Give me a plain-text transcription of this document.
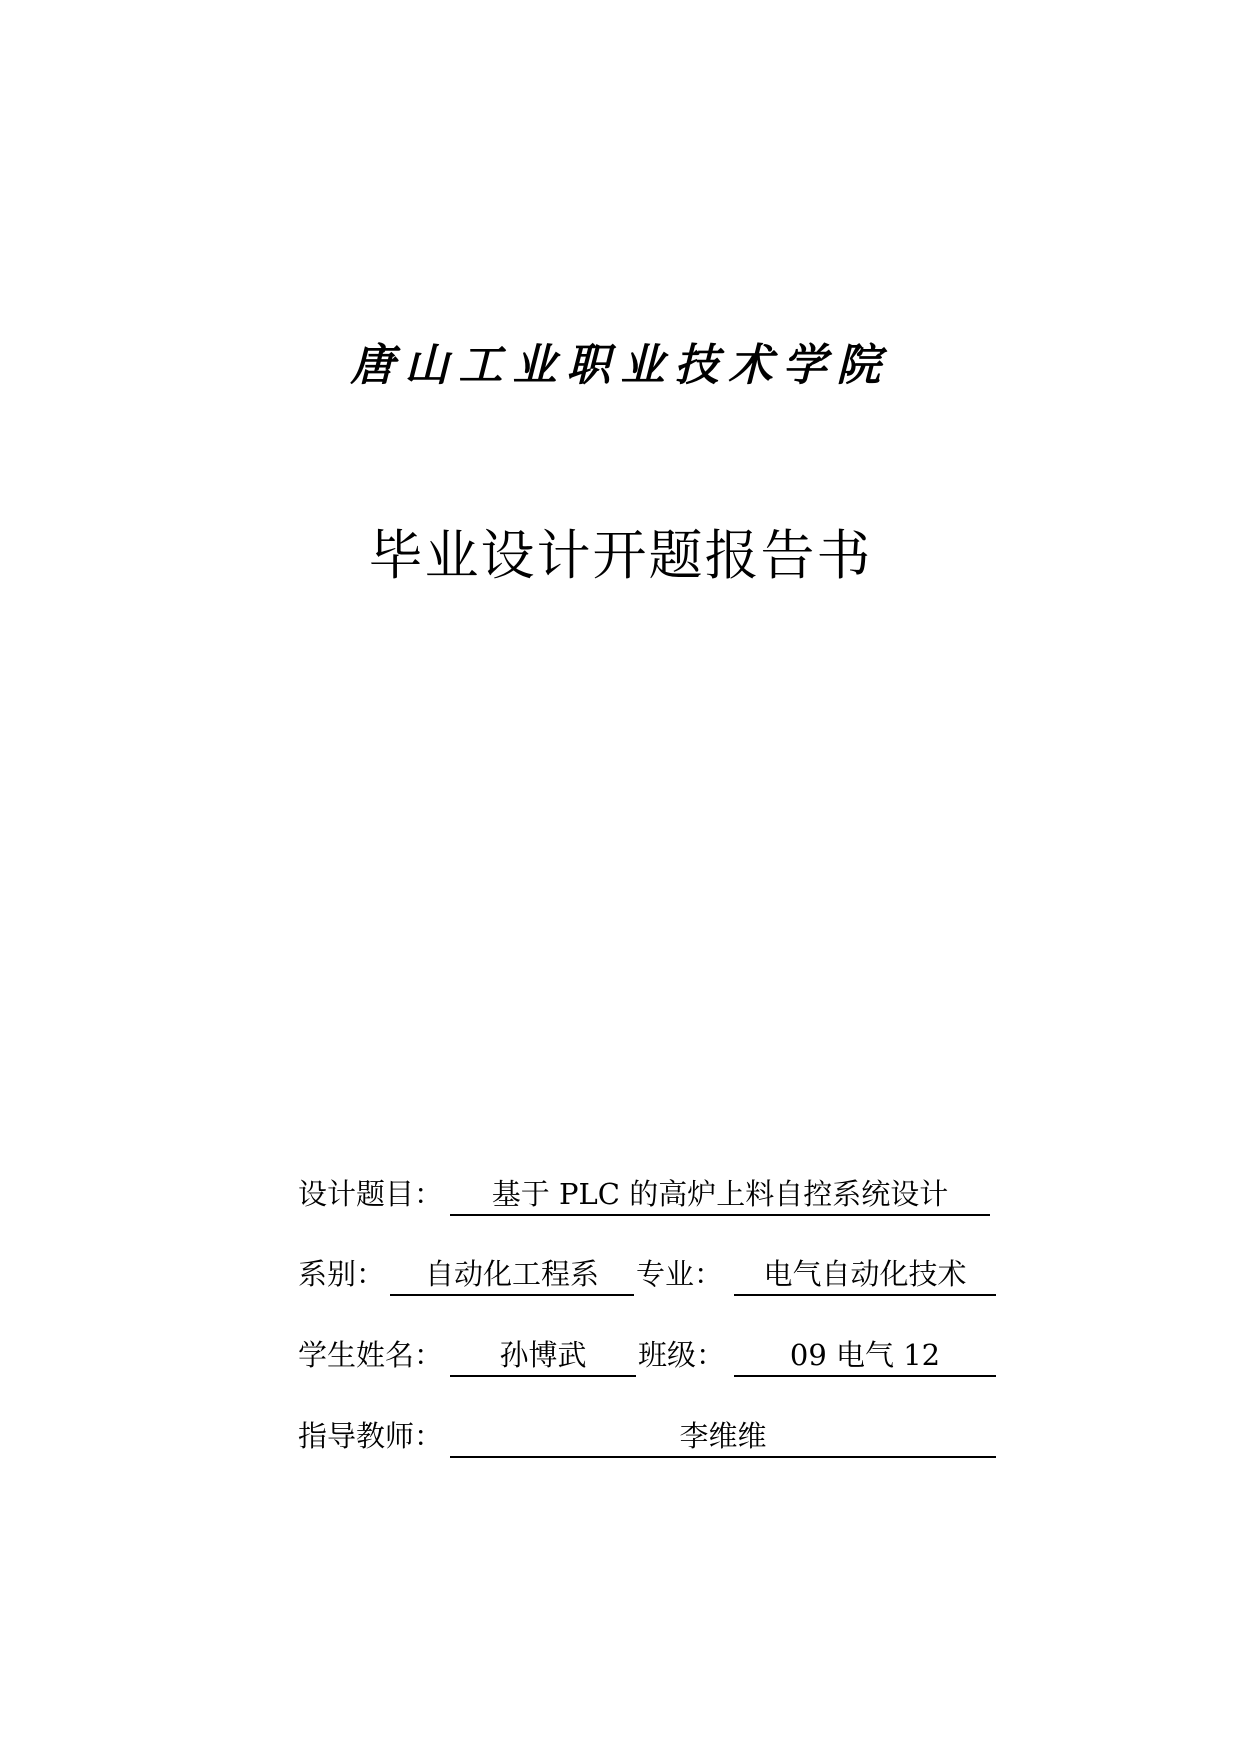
唐山工业职业技术学院
毕业设计开题报告书
设计题目：	基于 PLC 的高炉上料自控系统设计
系别：	自动化工程系	专业：	电气自动化技术
学生姓名：	孙博武	班级：	09 电气 12
指导教师：	李维维
